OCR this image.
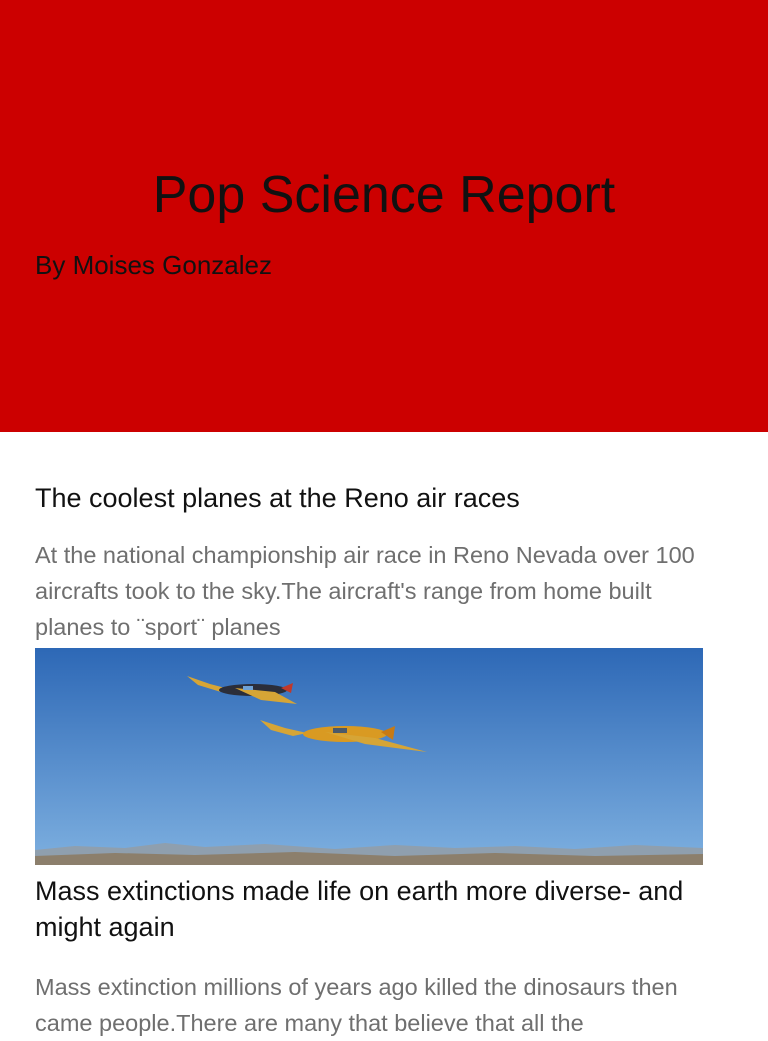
Pop Science Report
By Moises Gonzalez
The coolest planes at the Reno air races
At the national championship air race in Reno Nevada over 100 aircrafts took to the sky.The aircraft's range from home built planes to ¨sport¨ planes
Mass extinctions made life on earth more diverse- and might again
Mass extinction millions of years ago killed the dinosaurs then came people.There are many that believe that all the
